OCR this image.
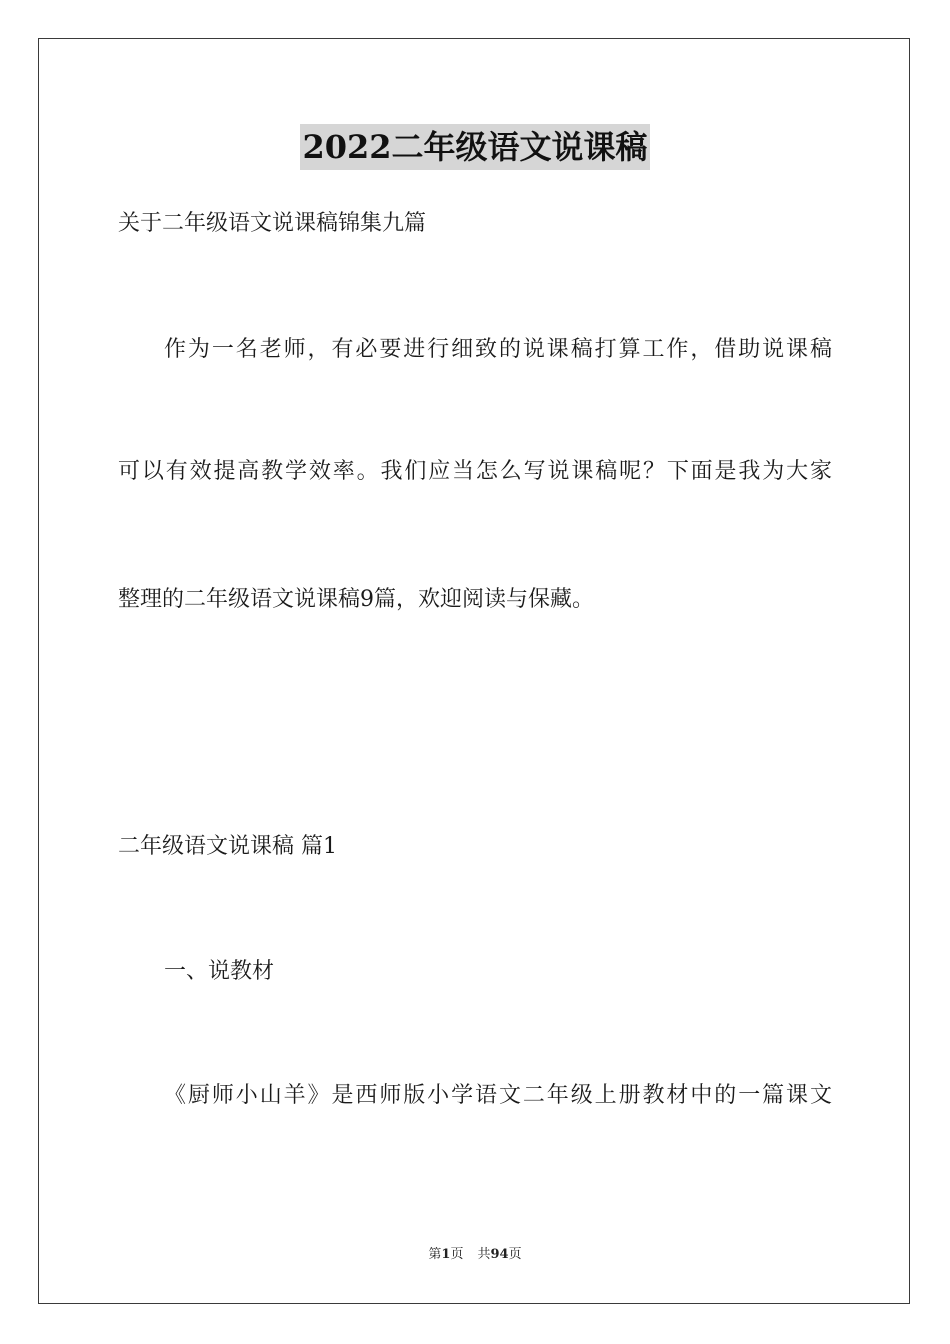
2022二年级语文说课稿
关于二年级语文说课稿锦集九篇
作为一名老师，有必要进行细致的说课稿打算工作，借助说课稿
可以有效提高教学效率。我们应当怎么写说课稿呢？下面是我为大家
整理的二年级语文说课稿9篇，欢迎阅读与保藏。
二年级语文说课稿 篇1
一、说教材
《厨师小山羊》是西师版小学语文二年级上册教材中的一篇课文
第1页 共94页
